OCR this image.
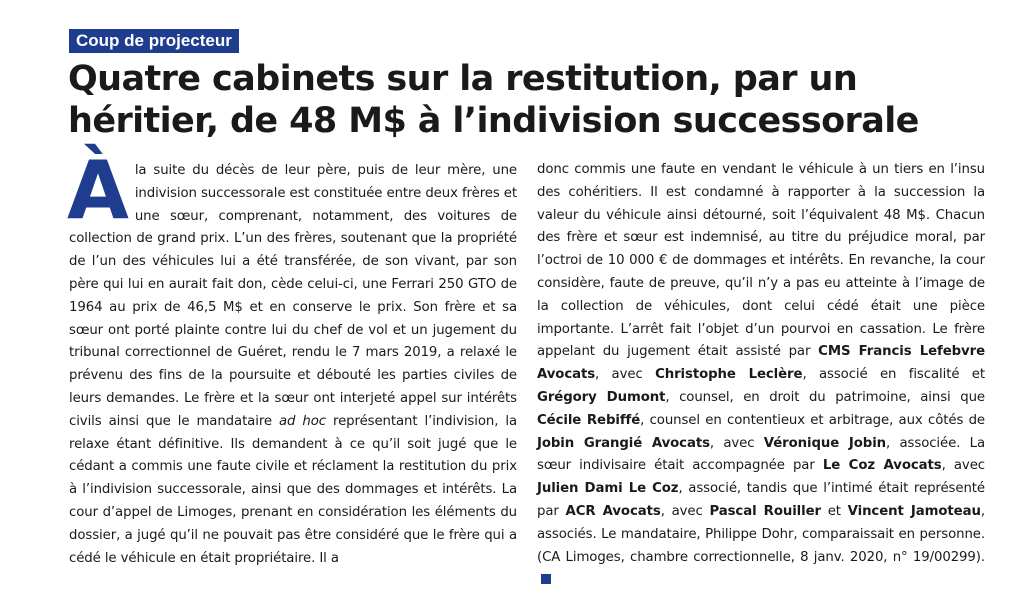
Coup de projecteur
Quatre cabinets sur la restitution, par un héritier, de 48 M$ à l’indivision successorale

À la suite du décès de leur père, puis de leur mère, une indivision successorale est constituée entre deux frères et une sœur, comprenant, notamment, des voitures de collection de grand prix. L’un des frères, soutenant que la propriété de l’un des véhicules lui a été transférée, de son vivant, par son père qui lui en aurait fait don, cède celui-ci, une Ferrari 250 GTO de 1964 au prix de 46,5 M$ et en conserve le prix. Son frère et sa sœur ont porté plainte contre lui du chef de vol et un jugement du tribunal correctionnel de Guéret, rendu le 7 mars 2019, a relaxé le prévenu des fins de la poursuite et débouté les parties civiles de leurs demandes. Le frère et la sœur ont interjeté appel sur intérêts civils ainsi que le mandataire ad hoc représentant l’indivision, la relaxe étant définitive. Ils demandent à ce qu’il soit jugé que le cédant a commis une faute civile et réclament la restitution du prix à l’indivision successorale, ainsi que des dommages et intérêts. La cour d’appel de Limoges, prenant en considération les éléments du dossier, a jugé qu’il ne pouvait pas être considéré que le frère qui a cédé le véhicule en était propriétaire. Il a

donc commis une faute en vendant le véhicule à un tiers en l’insu des cohéritiers. Il est condamné à rapporter à la succession la valeur du véhicule ainsi détourné, soit l’équivalent 48 M$. Chacun des frère et sœur est indemnisé, au titre du préjudice moral, par l’octroi de 10 000 € de dommages et intérêts. En revanche, la cour considère, faute de preuve, qu’il n’y a pas eu atteinte à l’image de la collection de véhicules, dont celui cédé était une pièce importante. L’arrêt fait l’objet d’un pourvoi en cassation. Le frère appelant du jugement était assisté par CMS Francis Lefebvre Avocats, avec Christophe Leclère, associé en fiscalité et Grégory Dumont, counsel, en droit du patrimoine, ainsi que Cécile Rebiffé, counsel en contentieux et arbitrage, aux côtés de Jobin Grangié Avocats, avec Véronique Jobin, associée. La sœur indivisaire était accompagnée par Le Coz Avocats, avec Julien Dami Le Coz, associé, tandis que l’intimé était représenté par ACR Avocats, avec Pascal Rouiller et Vincent Jamoteau, associés. Le mandataire, Philippe Dohr, comparaissait en personne. (CA Limoges, chambre correctionnelle, 8 janv. 2020, n° 19/00299).
